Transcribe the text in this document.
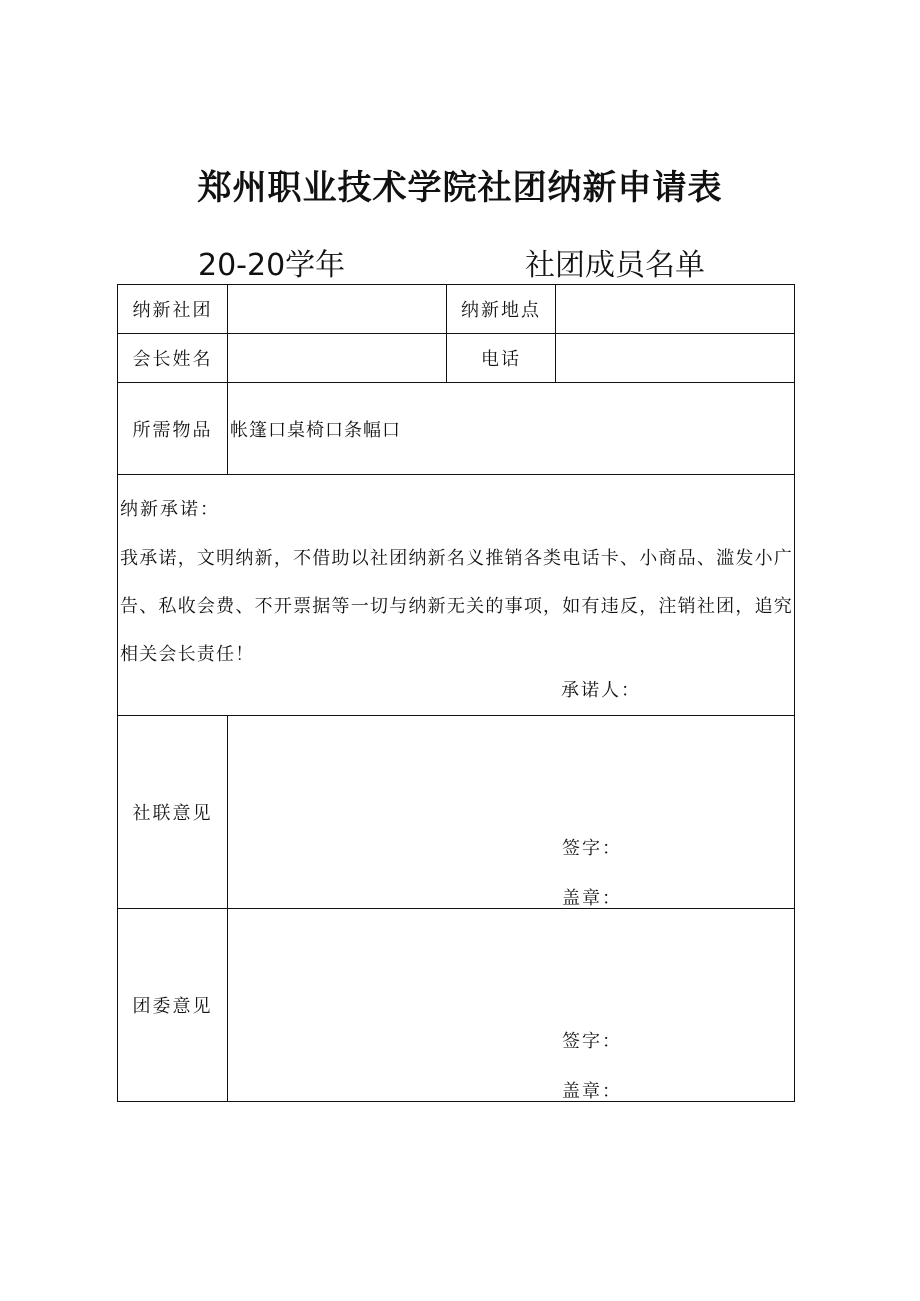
郑州职业技术学院社团纳新申请表
20-20学年	社团成员名单
纳新社团		纳新地点	
会长姓名		电话	
所需物品	帐篷口桌椅口条幅口		

纳新承诺：
我承诺，文明纳新，不借助以社团纳新名义推销各类电话卡、小商品、滥发小广告、私收会费、不开票据等一切与纳新无关的事项，如有违反，注销社团，追究相关会长责任！
承诺人：			

社联意见	签字：
盖章：		

团委意见	签字：
盖章：		
